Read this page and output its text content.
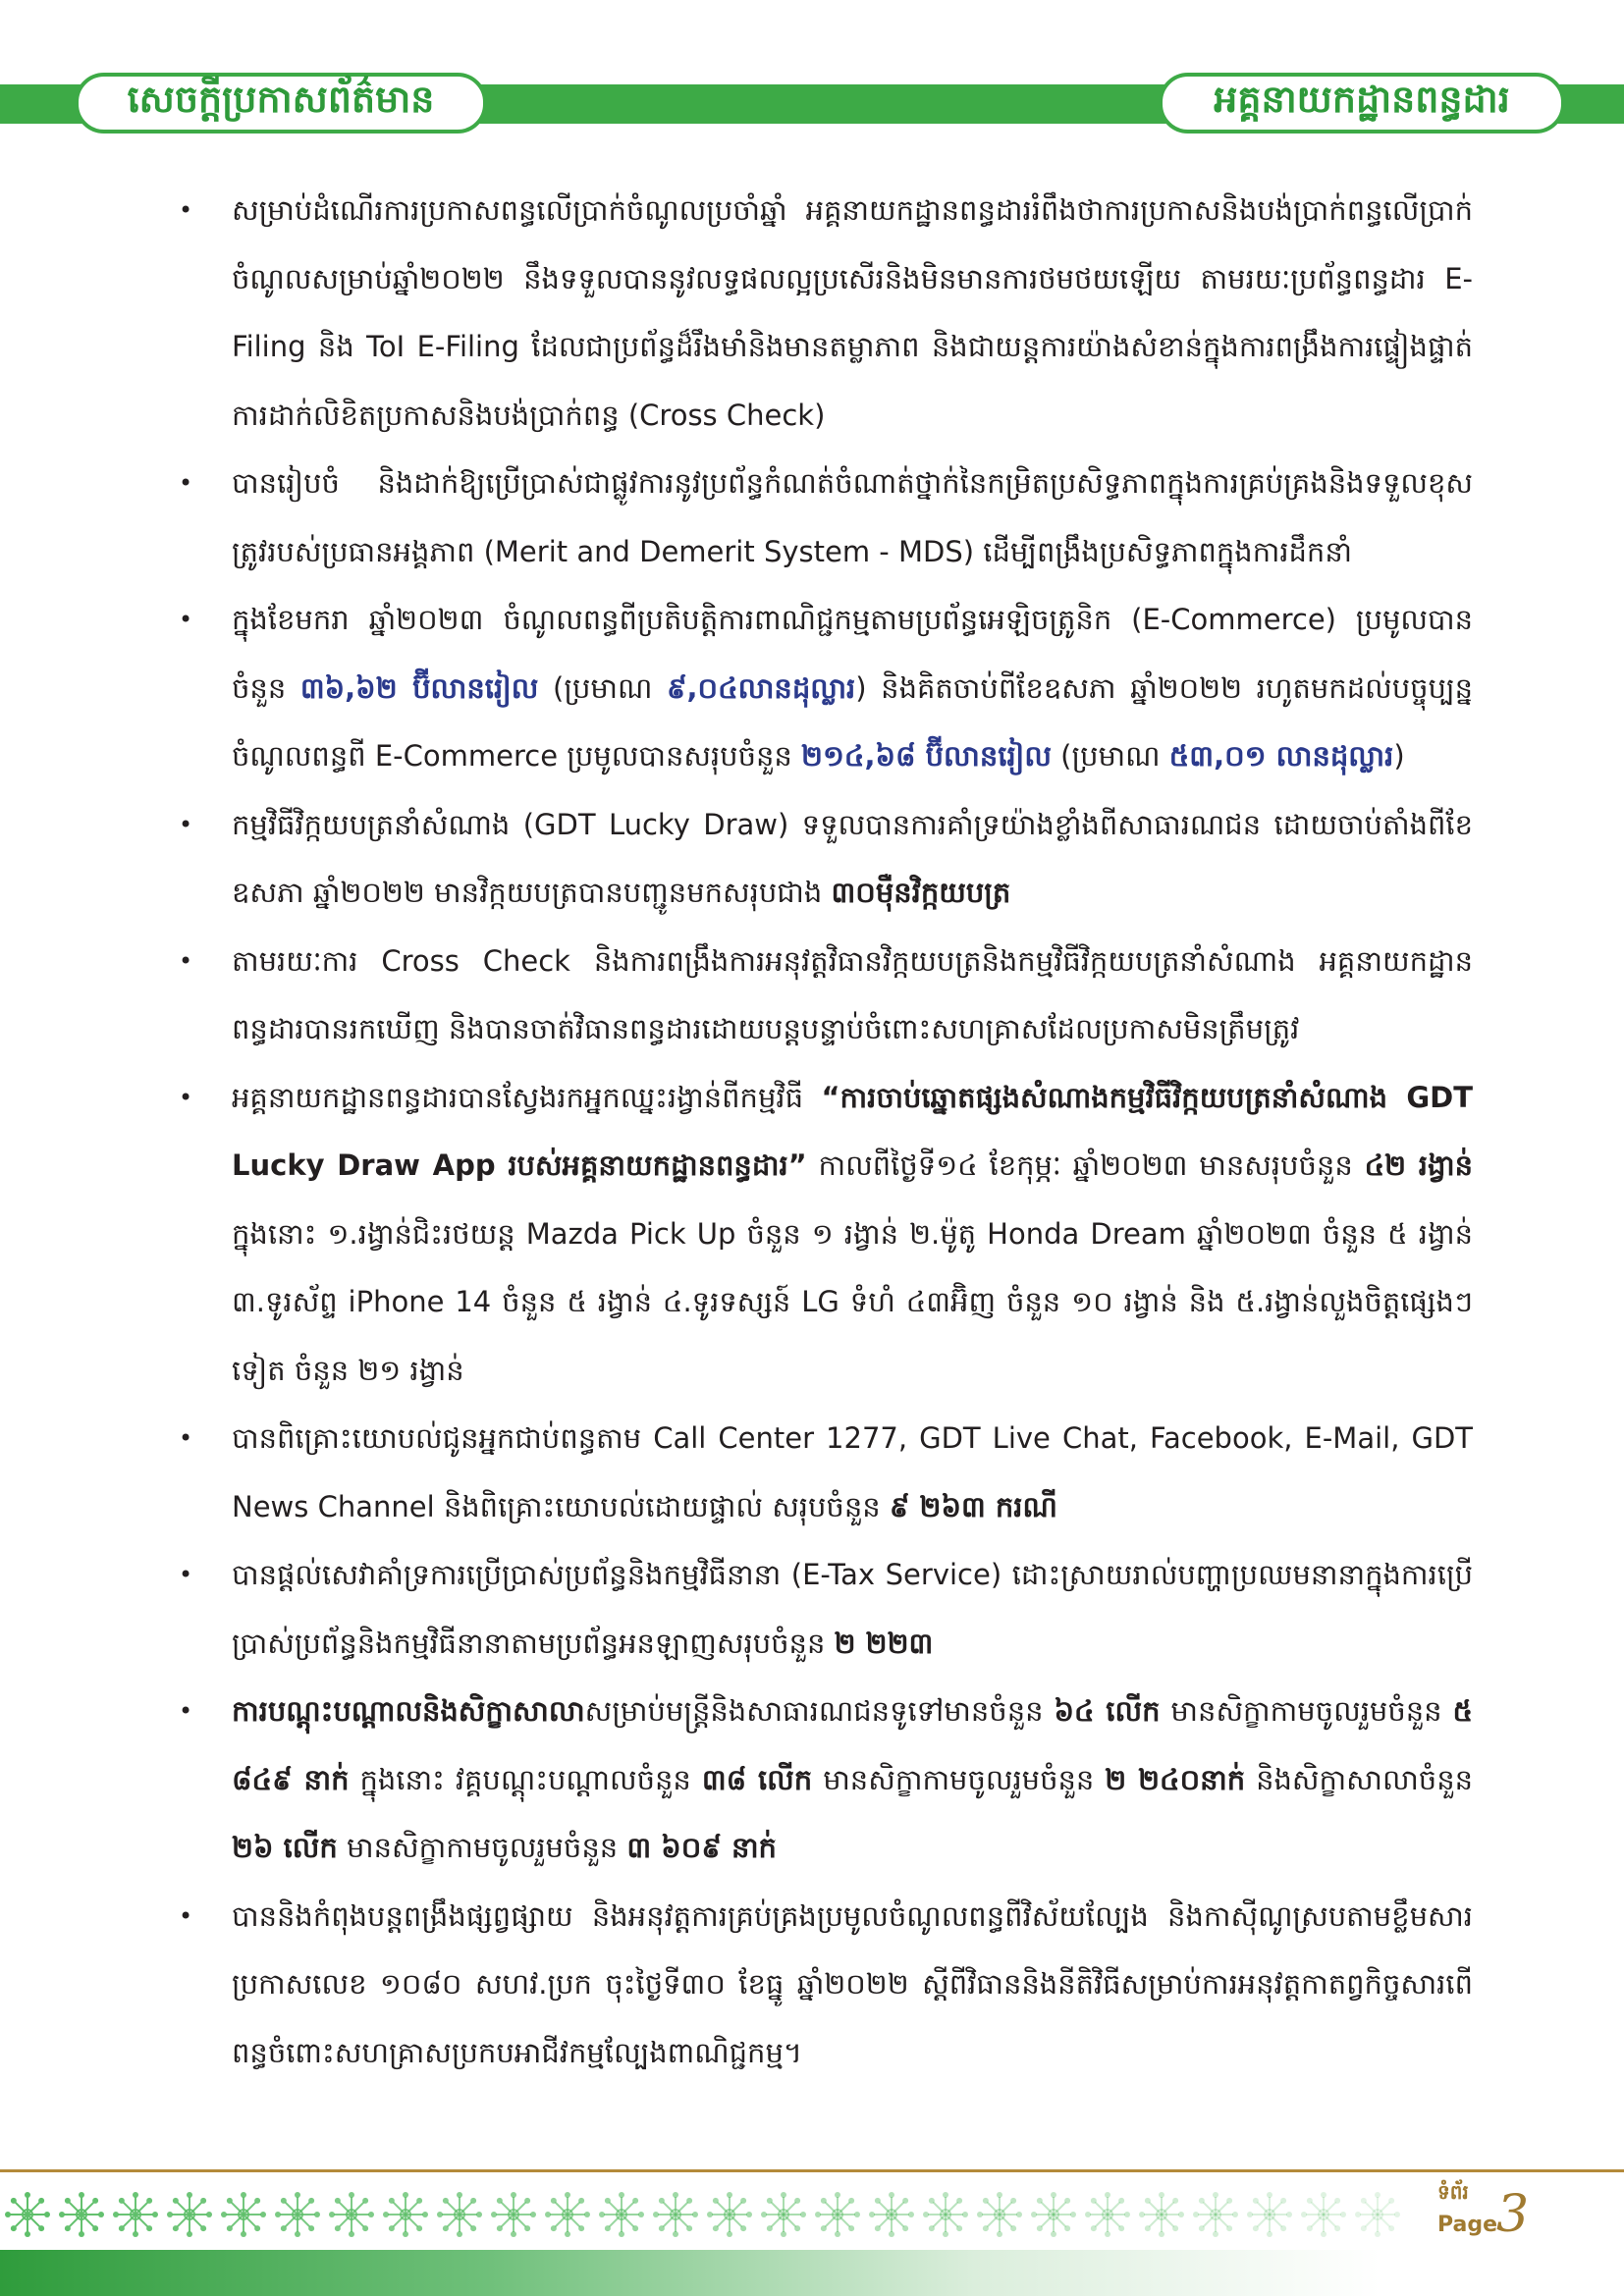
សេចក្តីប្រកាសព័ត៌មាន	អគ្គនាយកដ្ឋានពន្ធដារ
• សម្រាប់ដំណើរការប្រកាសពន្ធលើប្រាក់ចំណូលប្រចាំឆ្នាំ អគ្គនាយកដ្ឋានពន្ធដាររំពឹងថាការប្រកាសនិងបង់ប្រាក់ពន្ធលើប្រាក់ចំណូលសម្រាប់ឆ្នាំ២០២២ នឹងទទួលបាននូវលទ្ធផលល្អប្រសើរនិងមិនមានការថមថយឡើយ តាមរយៈប្រព័ន្ធពន្ធដារ E-Filing និង ToI E-Filing ដែលជាប្រព័ន្ធដ៏រឹងមាំនិងមានតម្លាភាព និងជាយន្តការយ៉ាងសំខាន់ក្នុងការពង្រឹងការផ្ទៀងផ្ទាត់ការដាក់លិខិតប្រកាសនិងបង់ប្រាក់ពន្ធ (Cross Check)
• បានរៀបចំ និងដាក់ឱ្យប្រើប្រាស់ជាផ្លូវការនូវប្រព័ន្ធកំណត់ចំណាត់ថ្នាក់នៃកម្រិតប្រសិទ្ធភាពក្នុងការគ្រប់គ្រងនិងទទួលខុសត្រូវរបស់ប្រធានអង្គភាព (Merit and Demerit System - MDS) ដើម្បីពង្រឹងប្រសិទ្ធភាពក្នុងការដឹកនាំ
• ក្នុងខែមករា ឆ្នាំ២០២៣ ចំណូលពន្ធពីប្រតិបត្តិការពាណិជ្ជកម្មតាមប្រព័ន្ធអេឡិចត្រូនិក (E-Commerce) ប្រមូលបានចំនួន ៣៦,៦២ ប៊ីលានរៀល (ប្រមាណ ៩,០៤លានដុល្លារ) និងគិតចាប់ពីខែឧសភា ឆ្នាំ២០២២ រហូតមកដល់បច្ចុប្បន្ន ចំណូលពន្ធពី E-Commerce ប្រមូលបានសរុបចំនួន ២១៤,៦៨ ប៊ីលានរៀល (ប្រមាណ ៥៣,០១ លានដុល្លារ)
• កម្មវិធីវិក្កយបត្រនាំសំណាង (GDT Lucky Draw) ទទួលបានការគាំទ្រយ៉ាងខ្លាំងពីសាធារណជន ដោយចាប់តាំងពីខែឧសភា ឆ្នាំ២០២២ មានវិក្កយបត្របានបញ្ជូនមកសរុបជាង ៣០ម៉ឺនវិក្កយបត្រ
• តាមរយៈការ Cross Check និងការពង្រឹងការអនុវត្តវិធានវិក្កយបត្រនិងកម្មវិធីវិក្កយបត្រនាំសំណាង អគ្គនាយកដ្ឋានពន្ធដារបានរកឃើញ និងបានចាត់វិធានពន្ធដារដោយបន្តបន្ទាប់ចំពោះសហគ្រាសដែលប្រកាសមិនត្រឹមត្រូវ
• អគ្គនាយកដ្ឋានពន្ធដារបានស្វែងរកអ្នកឈ្នះរង្វាន់ពីកម្មវិធី “ការចាប់ឆ្នោតផ្សងសំណាងកម្មវិធីវិក្កយបត្រនាំសំណាង GDT Lucky Draw App របស់អគ្គនាយកដ្ឋានពន្ធដារ” កាលពីថ្ងៃទី១៤ ខែកុម្ភៈ ឆ្នាំ២០២៣ មានសរុបចំនួន ៤២ រង្វាន់ ក្នុងនោះ ១.រង្វាន់ជិះរថយន្ត Mazda Pick Up ចំនួន ១ រង្វាន់ ២.ម៉ូតូ Honda Dream ឆ្នាំ២០២៣ ចំនួន ៥ រង្វាន់ ៣.ទូរស័ព្ទ iPhone 14 ចំនួន ៥ រង្វាន់ ៤.ទូរទស្សន៍ LG ទំហំ ៤៣អ៊ិញ ចំនួន ១០ រង្វាន់ និង ៥.រង្វាន់លួងចិត្តផ្សេងៗទៀត ចំនួន ២១ រង្វាន់
• បានពិគ្រោះយោបល់ជូនអ្នកជាប់ពន្ធតាម Call Center 1277, GDT Live Chat, Facebook, E-Mail, GDT News Channel និងពិគ្រោះយោបល់ដោយផ្ទាល់ សរុបចំនួន ៩ ២៦៣ ករណី
• បានផ្តល់សេវាគាំទ្រការប្រើប្រាស់ប្រព័ន្ធនិងកម្មវិធីនានា (E-Tax Service) ដោះស្រាយរាល់បញ្ហាប្រឈមនានាក្នុងការប្រើប្រាស់ប្រព័ន្ធនិងកម្មវិធីនានាតាមប្រព័ន្ធអនឡាញសរុបចំនួន ២ ២២៣
• ការបណ្តុះបណ្តាលនិងសិក្ខាសាលាសម្រាប់មន្ត្រីនិងសាធារណជនទូទៅមានចំនួន ៦៤ លើក មានសិក្ខាកាមចូលរួមចំនួន ៥ ៨៤៩ នាក់ ក្នុងនោះ វគ្គបណ្តុះបណ្តាលចំនួន ៣៨ លើក មានសិក្ខាកាមចូលរួមចំនួន ២ ២៤០នាក់ និងសិក្ខាសាលាចំនួន ២៦ លើក មានសិក្ខាកាមចូលរួមចំនួន ៣ ៦០៩ នាក់
• បាននិងកំពុងបន្តពង្រឹងផ្សព្វផ្សាយ និងអនុវត្តការគ្រប់គ្រងប្រមូលចំណូលពន្ធពីវិស័យល្បែង និងកាស៊ីណូស្របតាមខ្លឹមសារប្រកាសលេខ ១០៨០ សហវ.ប្រក ចុះថ្ងៃទី៣០ ខែធ្នូ ឆ្នាំ២០២២ ស្តីពីវិធាននិងនីតិវិធីសម្រាប់ការអនុវត្តកាតព្វកិច្ចសារពើពន្ធចំពោះសហគ្រាសប្រកបអាជីវកម្មល្បែងពាណិជ្ជកម្ម។
ទំព័រ
Page
3
